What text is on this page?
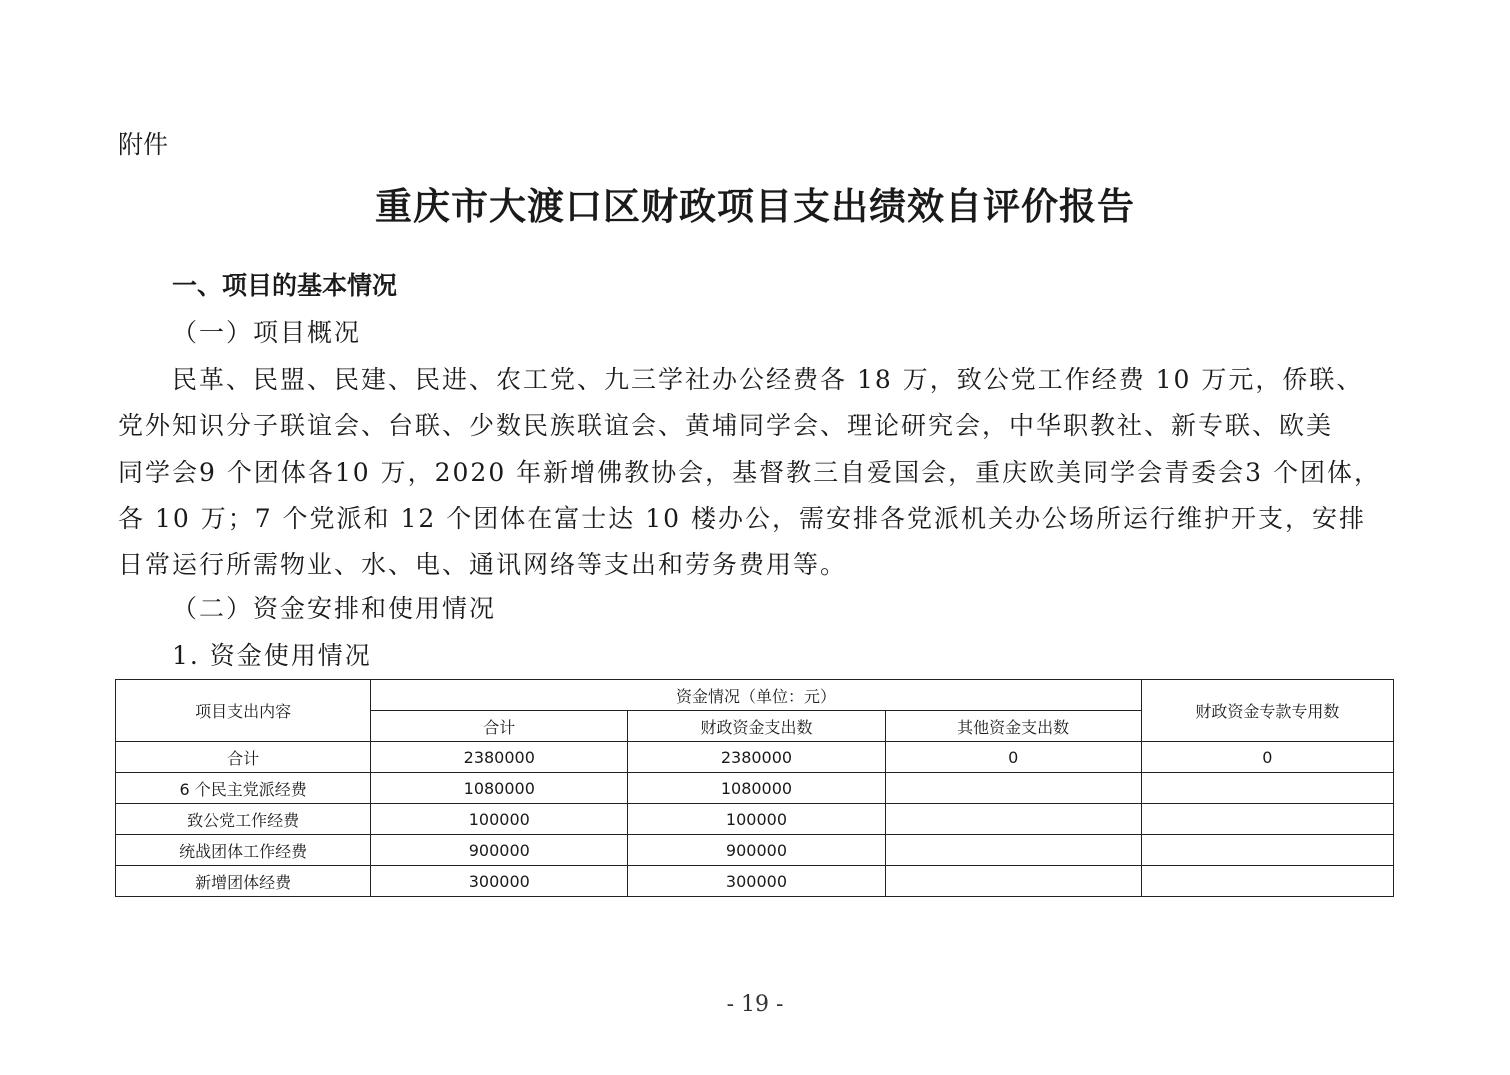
附件
重庆市大渡口区财政项目支出绩效自评价报告
一、项目的基本情况
（一）项目概况
民革、民盟、民建、民进、农工党、九三学社办公经费各 18 万，致公党工作经费 10 万元，侨联、
党外知识分子联谊会、台联、少数民族联谊会、黄埔同学会、理论研究会，中华职教社、新专联、欧美
同学会9 个团体各10 万，2020 年新增佛教协会，基督教三自爱国会，重庆欧美同学会青委会3 个团体，
各 10 万；7 个党派和 12 个团体在富士达 10 楼办公，需安排各党派机关办公场所运行维护开支，安排
日常运行所需物业、水、电、通讯网络等支出和劳务费用等。
（二）资金安排和使用情况
1. 资金使用情况
项目支出内容	资金情况（单位：元）			财政资金专款专用数
	合计	财政资金支出数	其他资金支出数	
合计	2380000	2380000	0	0
6 个民主党派经费	1080000	1080000		
致公党工作经费	100000	100000		
统战团体工作经费	900000	900000		
新增团体经费	300000	300000		
- 19 -
